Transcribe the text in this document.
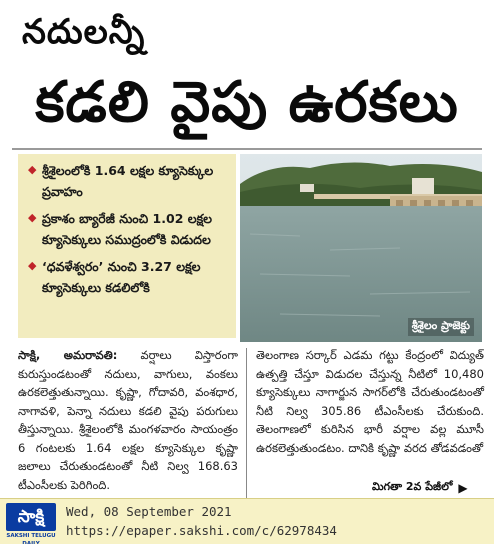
నదులన్నీ
కడలి వైపు ఉరకలు
◆ శ్రీశైలంలోకి 1.64 లక్షల క్యూసెక్కుల ప్రవాహం
◆ ప్రకాశం బ్యారేజీ నుంచి 1.02 లక్షల క్యూసెక్కులు సముద్రంలోకి విడుదల
◆ ‘ధవళేశ్వరం’ నుంచి 3.27 లక్షల క్యూసెక్కులు కడలిలోకి
శ్రీశైలం ప్రాజెక్టు
సాక్షి, అమరావతి: వర్షాలు విస్తారంగా కురుస్తుండటంతో నదులు, వాగులు, వంకలు ఉరకలెత్తుతున్నాయి. కృష్ణా, గోదావరి, వంశధార, నాగావళి, పెన్నా నదులు కడలి వైపు పరుగులు తీస్తున్నాయి. శ్రీశైలంలోకి మంగళవారం సాయంత్రం 6 గంటలకు 1.64 లక్షల క్యూసెక్కుల కృష్ణా జలాలు చేరుతుండటంతో నీటి నిల్వ 168.63 టీఎంసీలకు పెరిగింది.
తెలంగాణ సర్కార్ ఎడమ గట్టు కేంద్రంలో విద్యుత్ ఉత్పత్తి చేస్తూ విడుదల చేస్తున్న నీటిలో 10,480 క్యూసెక్కులు నాగార్జున సాగర్‌లోకి చేరుతుండటంతో నీటి నిల్వ 305.86 టీఎంసీలకు చేరుకుంది. తెలంగాణలో కురిసిన భారీ వర్షాల వల్ల మూసీ ఉరకలెత్తుతుండటం. దానికి కృష్ణా వరద తోడవడంతో
మిగతా 2వ పేజీలో ▶
సాక్షి
SAKSHI TELUGU DAILY
Wed, 08 September 2021
https://epaper.sakshi.com/c/62978434
